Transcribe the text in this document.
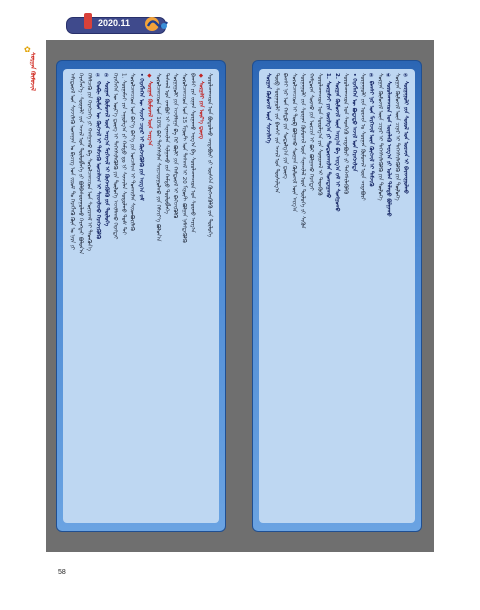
2020.11
✿
ᠰᠤᠷᠭᠠᠨ ᠬᠦᠮᠦᠵᠢᠯ
ᠠᠮᠢᠳᠤᠷᠠᠯ ᠤᠨ ᠰᠢᠨᠵᠢᠯᠡᠬᠦ ᠤᠬᠠᠭᠠᠨ ᠤ ᠪᠢᠴᠢᠭ ᠤᠨ ᠵᠢᠷᠤᠮ ᠲᠤ ᠬᠡᠷᠡᠭᠯᠡᠬᠦ ᠬᠦᠨ ᠤ ᠨᠡᠷᠡ ᠶᠢ ᠬᠡᠷᠡᠭᠯᠡᠨ᠎ᠡ᠂ ᠰᠤᠷᠭᠠᠯᠢ ᠶᠢᠨ ᠠᠵᠢᠯ ᠤᠨ ᠲᠥᠯᠥᠪᠯᠡᠭᠡ ᠶᠢ ᠪᠣᠯᠪᠠᠰᠤᠷᠠᠭᠤᠯᠬᠤ ᠬᠡᠷᠡᠭᠲᠡᠢ ᠪᠣᠯᠤᠨ᠎ᠠ ᠬᠡᠯᠡᠯᠴᠡᠬᠦ ᠶᠢᠨ ᠬᠡᠷᠡᠭᠴᠡᠭᠡ ᠶᠢ ᠬᠠᠩᠭᠠᠬᠤ ᠪᠠ ᠰᠤᠷᠤᠯᠴᠠᠭᠴᠢᠳ ᠤᠨ ᠰᠣᠨᠢᠷᠬᠠᠯ ᠢ ᠳᠡᠳᠬᠦᠨ᠎ᠡ ① ᠬᠤᠪᠢ ᠬᠦᠮᠦᠨ ᠦ ᠬᠥᠭᠵᠢᠯ ᠢ ᠳᠡᠮᠵᠢᠬᠦ ᠣᠨᠴᠠᠯᠢᠭ ᠢ ᠰᠢᠨᠵᠢᠯᠡᠵᠦ ᠬᠡᠷᠡᠭᠵᠢᠭᠦᠯᠬᠦ ② ᠰᠤᠷᠭᠠᠨ ᠬᠦᠮᠦᠵᠢᠯ ᠦᠨ ᠠᠷᠭ᠎ᠠ ᠮᠡᠷᠭᠡᠵᠢᠯ ᠢ ᠬᠥᠭᠵᠢᠭᠦᠯᠬᠦ ᠶᠢᠨ ᠲᠥᠯᠥᠭᠡ ᠬᠡᠷᠡᠭᠯᠡᠭᠡᠨ ᠦ ᠦᠷ᠎ᠡ ᠳ᠋ᠦᠩ ᠢ ᠳᠡᠭᠡᠭᠰᠢᠯᠡᠭᠦᠯᠬᠦ ᠶᠢᠨ ᠲᠥᠯᠥᠭᠡ ᠠᠵᠢᠯᠯᠠᠬᠤ ᠬᠡᠷᠡᠭᠲᠡᠢ 1. ᠰᠤᠷᠭᠠᠮᠵᠢ ᠶᠢᠨ ᠠᠭᠤᠯᠭ᠎ᠠ ᠶᠢ ᠬᠠᠮᠲᠤ ᠳᠤ ᠨᠢ ᠰᠢᠨᠵᠢᠯᠡᠨ ᠰᠤᠳᠤᠯᠬᠤ ᠲᠤᠰ ᠲᠠᠢ ᠰᠤᠷᠤᠯᠴᠠᠭᠴᠢᠳ ᠤᠨ ᠪᠡᠶ᠎ᠡ ᠪᠡᠶ᠎ᠡ ᠶᠢᠨ ᠣᠨᠴᠠᠯᠢᠭ ᠢ ᠲᠤᠬᠠᠢᠯᠠᠨ ᠰᠢᠢᠳᠪᠦᠷᠢᠯᠡᠬᠦ • ᠬᠡᠷᠡᠭᠯᠡᠭᠡᠨ ᠦ ᠰᠢᠨᠵᠢ ᠴᠢᠨᠠᠷ ᠢ ᠬᠥᠭᠵᠢᠭᠦᠯᠬᠦ ᠶᠢᠨ ᠠᠷᠭ᠎ᠠ ᠵᠠᠮ ◆ ᠰᠤᠷᠭᠠᠨ ᠬᠦᠮᠦᠵᠢᠯ ᠦᠨ ᠠᠷᠭ᠎ᠠ ᠰᠤᠷᠤᠯᠴᠠᠭᠴᠢᠳ ᠤᠨ 10% ᠪᠡᠷ ᠳᠡᠭᠡᠭᠰᠢᠯᠡᠨ ᠰᠠᠢᠵᠢᠷᠠᠭᠤᠯᠬᠤ ᠶᠢᠨ ᠬᠡᠮᠵᠢᠶ᠎ᠡ ᠪᠣᠯᠤᠨ᠎ᠠ ᠳᠠᠰᠬᠠᠯ ᠤᠨ ᠵᠠᠭᠪᠤᠷ ᠢ ᠰᠢᠨᠡᠴᠢᠯᠡᠨ ᠰᠢᠯᠭᠠᠬᠤ ᠶᠢᠨ ᠬᠠᠮᠲᠤ ᠲᠥᠯᠥᠪᠯᠡᠭᠡ ᠰᠤᠷᠭᠠᠭᠤᠯᠢ ᠶᠢᠨ ᠠᠵᠢᠯᠯᠠᠭᠠ ᠪᠠ ᠭᠡᠷ ᠪᠦᠯᠢ ᠶᠢᠨ ᠬᠠᠮᠲᠤᠷᠠᠯ ᠢ ᠪᠡᠬᠡᠵᠢᠭᠦᠯᠬᠦ ᠰᠤᠷᠤᠯᠴᠠᠭᠴᠢᠳ ᠤᠨ 15 ᠮᠢᠨᠦ᠋ᠲ ᠤᠨ ᠳᠠᠰᠬᠠᠯ ᠢ 20 ᠮᠢᠨᠦ᠋ᠲ ᠪᠣᠯᠭᠠᠨ ᠨᠡᠮᠡᠭᠳᠡᠭᠦᠯᠬᠦ ᠪᠠᠭᠰᠢ ᠶᠢᠨ ᠵᠢᠭᠠᠨ ᠰᠤᠷᠭᠠᠬᠤ ᠠᠷᠭ᠎ᠠ ᠪᠠ ᠰᠤᠷᠤᠯᠴᠠᠭᠴᠢᠳ ᠤᠨ ᠰᠤᠷᠬᠤ ᠠᠷᠭ᠎ᠠ ◆ ᠰᠤᠷᠭᠠᠯᠢ ᠶᠢᠨ ᠦᠷ᠎ᠡ ᠳ᠋ᠦᠩ ᠰᠤᠷᠤᠯᠴᠠᠭᠴᠢᠳ ᠤᠨ ᠪᠣᠳᠣᠯᠬᠤ ᠴᠢᠳᠠᠪᠤᠷᠢ ᠶᠢ ᠥᠰᠬᠡᠨ ᠬᠥᠭᠵᠢᠭᠦᠯᠬᠦ ᠶᠢᠨ ᠲᠥᠯᠥᠭᠡ	ᠰᠤᠷᠭᠠᠨ ᠬᠦᠮᠦᠵᠢᠯ ᠦᠨ ᠰᠢᠨᠵᠢᠯᠡᠭᠡ ᠲᠥᠪ ᠰᠤᠷᠭᠠᠭᠤᠯᠢ ᠶᠢᠨ ᠪᠠᠭᠰᠢ ᠶᠢᠨ ᠠᠵᠢᠯ ᠤᠨ ᠲᠤᠷᠰᠢᠯᠭ᠎ᠠ ᠪᠠᠭᠰᠢ ᠨᠠᠷ ᠤᠨ ᠬᠠᠮᠲᠤ ᠶᠢᠨ ᠰᠤᠳᠤᠯᠭ᠎ᠠ ᠶᠢᠨ ᠳ᠋ᠦᠩ ᠰᠤᠷᠤᠯᠴᠠᠭᠴᠢᠳ ᠢ ᠲᠥᠪ ᠪᠣᠯᠭᠠᠬᠤ ᠰᠤᠷᠭᠠᠨ ᠬᠦᠮᠦᠵᠢᠯ ᠦᠨ ᠠᠷᠭ᠎ᠠ ᠰᠤᠷᠭᠠᠭᠤᠯᠢ ᠶᠢᠨ ᠰᠤᠷᠭᠠᠨ ᠬᠦᠮᠦᠵᠢᠯ ᠦᠨ ᠰᠢᠨᠡᠴᠢᠯᠡᠯ ᠦᠨ ᠲᠥᠯᠥᠭᠡ ᠶᠢ ᠰᠢᠭᠦᠨ ᠬᠠᠮᠲᠤᠷᠠᠨ ᠰᠤᠷᠬᠤ ᠶᠢᠨ ᠣᠷᠴᠢᠨ ᠢ ᠪᠤᠢ ᠪᠣᠯᠭᠠᠬᠤ ᠬᠡᠷᠡᠭᠲᠡᠢ ᠰᠤᠷᠤᠯᠴᠠᠭᠴᠢᠳ ᠤᠨ ᠰᠤᠷᠤᠯᠭ᠎ᠠ ᠶᠢᠨ ᠰᠣᠨᠢᠷᠬᠠᠯ ᠢ ᠳᠡᠳᠬᠦᠬᠦ 1. ᠰᠤᠷᠭᠠᠮᠵᠢ ᠶᠢᠨ ᠵᠣᠷᠢᠯᠭ᠎ᠠ ᠶᠢ ᠲᠣᠳᠣᠷᠬᠠᠢᠯᠠᠨ ᠲᠣᠭᠲᠠᠭᠠᠬᠤ 2. ᠰᠤᠷᠭᠠᠨ ᠬᠦᠮᠦᠵᠢᠯ ᠦᠨ ᠠᠷᠭ᠎ᠠ ᠪᠠ ᠠᠷᠭ᠎ᠠ ᠵᠠᠮ ᠢ ᠰᠣᠩᠭᠣᠬᠤ ᠰᠤᠷᠤᠯᠴᠠᠭᠴᠢᠳ ᠤᠨ ᠰᠡᠳᠬᠢᠬᠦ ᠴᠢᠳᠠᠪᠤᠷᠢ ᠶᠢ ᠳᠡᠭᠡᠭᠰᠢᠯᠡᠭᠦᠯᠬᠦ • ᠬᠡᠷᠡᠭᠯᠡᠭᠡᠨ ᠦ ᠪᠣᠳᠠᠲᠤ ᠠᠵᠢᠯ ᠤᠨ ᠬᠡᠷᠡᠭᠵᠢᠯᠲᠡ ᠰᠤᠷᠭᠠᠭᠤᠯᠢ ᠶᠢᠨ ᠣᠷᠴᠢᠨ ᠤ ᠰᠤᠷᠭᠠᠨ ᠬᠦᠮᠦᠵᠢᠯ ᠦᠨ ᠴᠢᠳᠠᠪᠤᠷᠢ ③ ᠪᠠᠭᠰᠢ ᠨᠠᠷ ᠤᠨ ᠮᠡᠷᠭᠡᠵᠢᠯ ᠦᠨ ᠬᠥᠭᠵᠢᠯ ᠢ ᠳᠡᠮᠵᠢᠬᠦ ᠰᠤᠷᠭᠠᠨ ᠬᠦᠮᠦᠵᠢᠯ ᠦᠨ ᠴᠢᠨᠠᠷ ᠢ ᠳᠡᠭᠡᠭᠰᠢᠯᠡᠭᠦᠯᠬᠦ ᠶᠢᠨ ᠲᠥᠯᠥᠭᠡ ④ ᠰᠤᠷᠤᠯᠴᠠᠭᠴᠢᠳ ᠤᠨ ᠦᠨᠡᠯᠡᠬᠦ ᠠᠷᠭ᠎ᠠ ᠶᠢ ᠣᠯᠠᠨ ᠲᠠᠯᠠᠲᠤ ᠪᠣᠯᠭᠠᠬᠤ ᠰᠤᠷᠭᠠᠨ ᠬᠦᠮᠦᠵᠢᠯ ᠦᠨ ᠴᠢᠨᠠᠷ ᠢ ᠳᠡᠭᠡᠭᠰᠢᠯᠡᠭᠦᠯᠬᠦ ᠶᠢᠨ ᠲᠥᠯᠥᠭᠡ ⑤ ᠰᠤᠷᠭᠠᠭᠤᠯᠢ ᠶᠢᠨ ᠰᠣᠶᠣᠯ ᠤᠨ ᠤᠷᠴᠢᠨ ᠢ ᠪᠠᠶᠠᠵᠢᠭᠤᠯᠬᠤ
58
